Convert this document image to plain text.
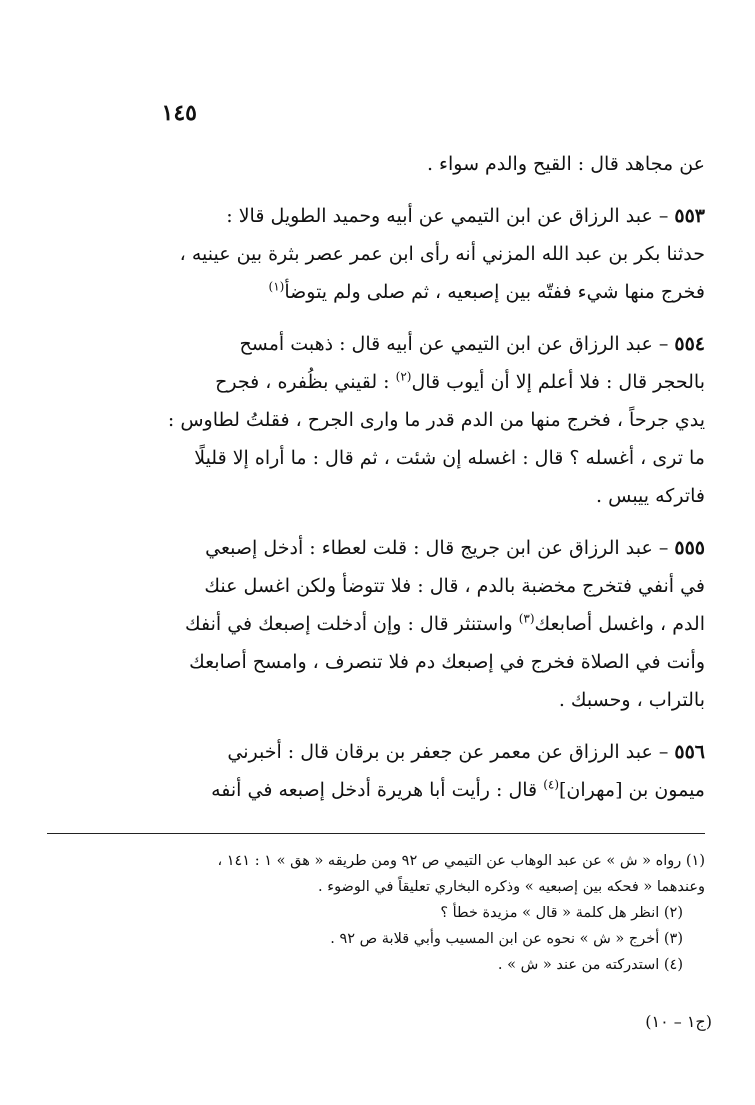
١٤٥

عن مجاهد قال : القيح والدم سواء .

٥٥٣ – عبد الرزاق عن ابن التيمي عن أبيه وحميد الطويل قالا :
حدثنا بكر بن عبد الله المزني أنه رأى ابن عمر عصر بثرة بين عينيه ،
فخرج منها شيء ففتّه بين إصبعيه ، ثم صلى ولم يتوضأ$^{(١)}$

٥٥٤ – عبد الرزاق عن ابن التيمي عن أبيه قال : ذهبت أمسح
بالحجر قال : فلا أعلم إلا أن أيوب قال$^{(٢)}$ : لقيني بظُفره ، فجرح
يدي جرحاً ، فخرج منها من الدم قدر ما وارى الجرح ، فقلتُ لطاوس :
ما ترى ، أغسله ؟ قال : اغسله إن شئت ، ثم قال : ما أراه إلا قليلًا
فاتركه ييبس .

٥٥٥ – عبد الرزاق عن ابن جريج قال : قلت لعطاء : أدخل إصبعي
في أنفي فتخرج مخضبة بالدم ، قال : فلا تتوضأ ولكن اغسل عنك
الدم ، واغسل أصابعك$^{(٣)}$ واستنثر قال : وإن أدخلت إصبعك في أنفك
وأنت في الصلاة فخرج في إصبعك دم فلا تنصرف ، وامسح أصابعك
بالتراب ، وحسبك .

٥٥٦ – عبد الرزاق عن معمر عن جعفر بن برقان قال : أخبرني
ميمون بن [مهران]$^{(٤)}$ قال : رأيت أبا هريرة أدخل إصبعه في أنفه

(١) رواه « ش » عن عبد الوهاب عن التيمي ص ٩٢ ومن طريقه « هق » ١ : ١٤١ ،
وعندهما « فحكه بين إصبعيه » وذكره البخاري تعليقاً في الوضوء .
(٢) انظر هل كلمة « قال » مزيدة خطأ ؟
(٣) أخرج « ش » نحوه عن ابن المسيب وأبي قلابة ص ٩٢ .
(٤) استدركته من عند « ش » .
(ج١ – ١٠)
